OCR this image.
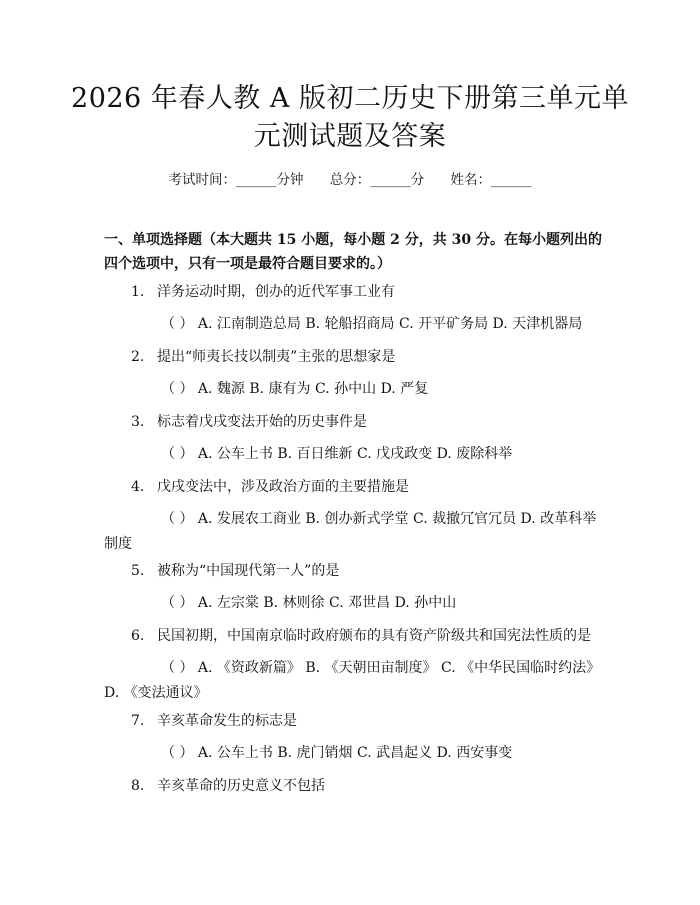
2026 年春人教 A 版初二历史下册第三单元单元测试题及答案
考试时间：______分钟 总分：______分 姓名：______
一、单项选择题（本大题共 15 小题，每小题 2 分，共 30 分。在每小题列出的四个选项中，只有一项是最符合题目要求的。）
1. 洋务运动时期，创办的近代军事工业有
（ ） A. 江南制造总局 B. 轮船招商局 C. 开平矿务局 D. 天津机器局
2. 提出“师夷长技以制夷”主张的思想家是
（ ） A. 魏源 B. 康有为 C. 孙中山 D. 严复
3. 标志着戊戌变法开始的历史事件是
（ ） A. 公车上书 B. 百日维新 C. 戊戌政变 D. 废除科举
4. 戊戌变法中，涉及政治方面的主要措施是
（ ） A. 发展农工商业 B. 创办新式学堂 C. 裁撤冗官冗员 D. 改革科举制度
5. 被称为“中国现代第一人”的是
（ ） A. 左宗棠 B. 林则徐 C. 邓世昌 D. 孙中山
6. 民国初期，中国南京临时政府颁布的具有资产阶级共和国宪法性质的是
（ ） A. 《资政新篇》 B. 《天朝田亩制度》 C. 《中华民国临时约法》 D. 《变法通议》
7. 辛亥革命发生的标志是
（ ） A. 公车上书 B. 虎门销烟 C. 武昌起义 D. 西安事变
8. 辛亥革命的历史意义不包括
